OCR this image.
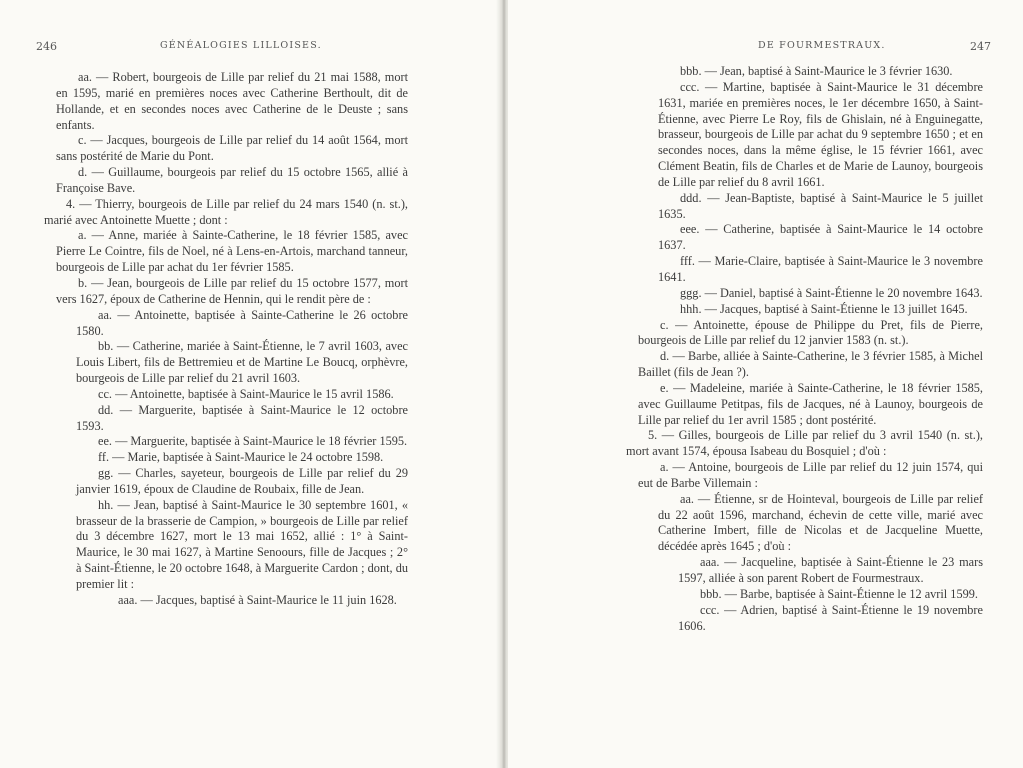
246	GÉNÉALOGIES LILLOISES.

aa. — Robert, bourgeois de Lille par relief du 21 mai 1588, mort en 1595, marié en premières noces avec Catherine Berthoult, dit de Hollande, et en secondes noces avec Catherine de le Deuste ; sans enfants.

c. — Jacques, bourgeois de Lille par relief du 14 août 1564, mort sans postérité de Marie du Pont.

d. — Guillaume, bourgeois par relief du 15 octobre 1565, allié à Françoise Bave.

4. — Thierry, bourgeois de Lille par relief du 24 mars 1540 (n. st.), marié avec Antoinette Muette ; dont :

a. — Anne, mariée à Sainte-Catherine, le 18 février 1585, avec Pierre Le Cointre, fils de Noel, né à Lens-en-Artois, marchand tanneur, bourgeois de Lille par achat du 1er février 1585.

b. — Jean, bourgeois de Lille par relief du 15 octobre 1577, mort vers 1627, époux de Catherine de Hennin, qui le rendit père de :

aa. — Antoinette, baptisée à Sainte-Catherine le 26 octobre 1580.

bb. — Catherine, mariée à Saint-Étienne, le 7 avril 1603, avec Louis Libert, fils de Bettremieu et de Martine Le Boucq, orphèvre, bourgeois de Lille par relief du 21 avril 1603.

cc. — Antoinette, baptisée à Saint-Maurice le 15 avril 1586.

dd. — Marguerite, baptisée à Saint-Maurice le 12 octobre 1593.

ee. — Marguerite, baptisée à Saint-Maurice le 18 février 1595.

ff. — Marie, baptisée à Saint-Maurice le 24 octobre 1598.

gg. — Charles, sayeteur, bourgeois de Lille par relief du 29 janvier 1619, époux de Claudine de Roubaix, fille de Jean.

hh. — Jean, baptisé à Saint-Maurice le 30 septembre 1601, « brasseur de la brasserie de Campion, » bourgeois de Lille par relief du 3 décembre 1627, mort le 13 mai 1652, allié : 1° à Saint-Maurice, le 30 mai 1627, à Martine Senoours, fille de Jacques ; 2° à Saint-Étienne, le 20 octobre 1648, à Marguerite Cardon ; dont, du premier lit :

aaa. — Jacques, baptisé à Saint-Maurice le 11 juin 1628.

DE FOURMESTRAUX.	247

bbb. — Jean, baptisé à Saint-Maurice le 3 février 1630.

ccc. — Martine, baptisée à Saint-Maurice le 31 décembre 1631, mariée en premières noces, le 1er décembre 1650, à Saint-Étienne, avec Pierre Le Roy, fils de Ghislain, né à Enguinegatte, brasseur, bourgeois de Lille par achat du 9 septembre 1650 ; et en secondes noces, dans la même église, le 15 février 1661, avec Clément Beatin, fils de Charles et de Marie de Launoy, bourgeois de Lille par relief du 8 avril 1661.

ddd. — Jean-Baptiste, baptisé à Saint-Maurice le 5 juillet 1635.

eee. — Catherine, baptisée à Saint-Maurice le 14 octobre 1637.

fff. — Marie-Claire, baptisée à Saint-Maurice le 3 novembre 1641.

ggg. — Daniel, baptisé à Saint-Étienne le 20 novembre 1643.

hhh. — Jacques, baptisé à Saint-Étienne le 13 juillet 1645.

c. — Antoinette, épouse de Philippe du Pret, fils de Pierre, bourgeois de Lille par relief du 12 janvier 1583 (n. st.).

d. — Barbe, alliée à Sainte-Catherine, le 3 février 1585, à Michel Baillet (fils de Jean ?).

e. — Madeleine, mariée à Sainte-Catherine, le 18 février 1585, avec Guillaume Petitpas, fils de Jacques, né à Launoy, bourgeois de Lille par relief du 1er avril 1585 ; dont postérité.

5. — Gilles, bourgeois de Lille par relief du 3 avril 1540 (n. st.), mort avant 1574, épousa Isabeau du Bosquiel ; d'où :

a. — Antoine, bourgeois de Lille par relief du 12 juin 1574, qui eut de Barbe Villemain :

aa. — Étienne, sr de Hointeval, bourgeois de Lille par relief du 22 août 1596, marchand, échevin de cette ville, marié avec Catherine Imbert, fille de Nicolas et de Jacqueline Muette, décédée après 1645 ; d'où :

aaa. — Jacqueline, baptisée à Saint-Étienne le 23 mars 1597, alliée à son parent Robert de Fourmestraux.

bbb. — Barbe, baptisée à Saint-Étienne le 12 avril 1599.

ccc. — Adrien, baptisé à Saint-Étienne le 19 novembre 1606.
